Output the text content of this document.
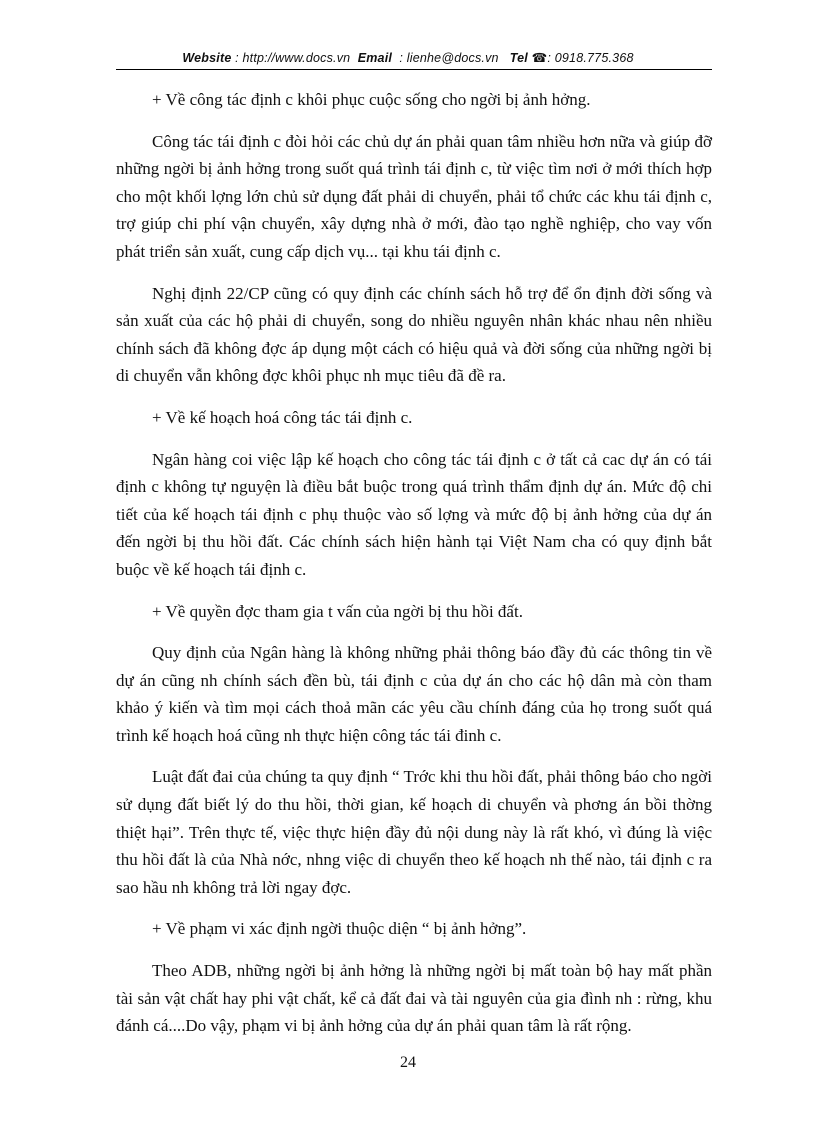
Website : http://www.docs.vn Email : lienhe@docs.vn Tel ☎: 0918.775.368

+ Về công tác định c khôi phục cuộc sống cho ngời bị ảnh hởng.

Công tác tái định c đòi hỏi các chủ dự án phải quan tâm nhiều hơn nữa và giúp đỡ những ngời bị ảnh hởng trong suốt quá trình tái định c, từ việc tìm nơi ở mới thích hợp cho một khối lợng lớn chủ sử dụng đất phải di chuyển, phải tổ chức các khu tái định c, trợ giúp chi phí vận chuyển, xây dựng nhà ở mới, đào tạo nghề nghiệp, cho vay vốn phát triển sản xuất, cung cấp dịch vụ... tại khu tái định c.

Nghị định 22/CP cũng có quy định các chính sách hỗ trợ để ổn định đời sống và sản xuất của các hộ phải di chuyển, song do nhiều nguyên nhân khác nhau nên nhiều chính sách đã không đợc áp dụng một cách có hiệu quả và đời sống của những ngời bị di chuyển vẫn không đợc khôi phục nh mục tiêu đã đề ra.

+ Về kế hoạch hoá công tác tái định c.

Ngân hàng coi việc lập kế hoạch cho công tác tái định c ở tất cả cac dự án có tái định c không tự nguyện là điều bắt buộc trong quá trình thẩm định dự án. Mức độ chi tiết của kế hoạch tái định c phụ thuộc vào số lợng và mức độ bị ảnh hởng của dự án đến ngời bị thu hồi đất. Các chính sách hiện hành tại Việt Nam cha có quy định bắt buộc về kế hoạch tái định c.

+ Về quyền đợc tham gia t vấn của ngời bị thu hồi đất.

Quy định của Ngân hàng là không những phải thông báo đầy đủ các thông tin về dự án cũng nh chính sách đền bù, tái định c của dự án cho các hộ dân mà còn tham khảo ý kiến và tìm mọi cách thoả mãn các yêu cầu chính đáng của họ trong suốt quá trình kế hoạch hoá cũng nh thực hiện công tác tái đinh c.

Luật đất đai của chúng ta quy định “ Trớc khi thu hồi đất, phải thông báo cho ngời sử dụng đất biết lý do thu hồi, thời gian, kế hoạch di chuyển và phơng án bồi thờng thiệt hại”. Trên thực tế, việc thực hiện đầy đủ nội dung này là rất khó, vì đúng là việc thu hồi đất là của Nhà nớc, nhng việc di chuyển theo kế hoạch nh thế nào, tái định c ra sao hầu nh không trả lời ngay đợc.

+ Về phạm vi xác định ngời thuộc diện “ bị ảnh hởng”.

Theo ADB, những ngời bị ảnh hởng là những ngời bị mất toàn bộ hay mất phần tài sản vật chất hay phi vật chất, kể cả đất đai và tài nguyên của gia đình nh : rừng, khu đánh cá....Do vậy, phạm vi bị ảnh hởng của dự án phải quan tâm là rất rộng.

24
